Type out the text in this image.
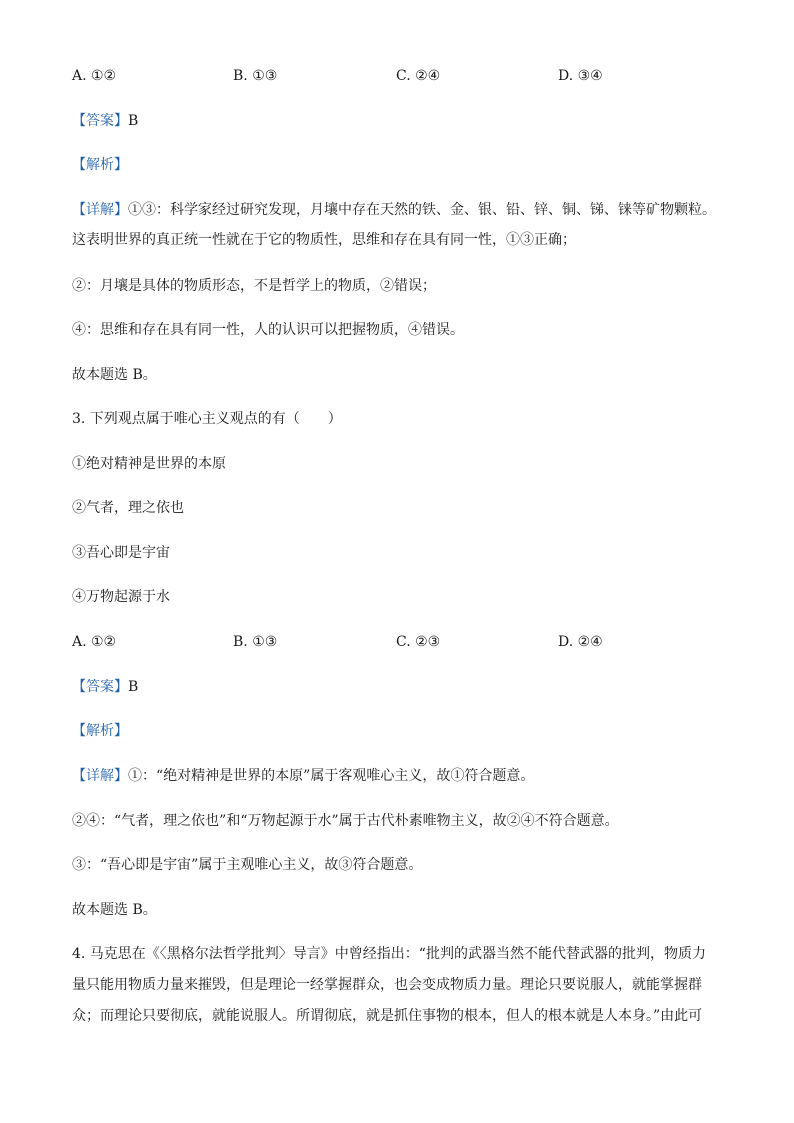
A. ①②	B. ①③	C. ②④	D. ③④
【答案】B
【解析】
【详解】①③：科学家经过研究发现，月壤中存在天然的铁、金、银、铅、锌、铜、锑、铼等矿物颗粒。
这表明世界的真正统一性就在于它的物质性，思维和存在具有同一性，①③正确；
②：月壤是具体的物质形态，不是哲学上的物质，②错误；
④：思维和存在具有同一性，人的认识可以把握物质，④错误。
故本题选 B。
3. 下列观点属于唯心主义观点的有（　　）
①绝对精神是世界的本原
②气者，理之依也
③吾心即是宇宙
④万物起源于水
A. ①②	B. ①③	C. ②③	D. ②④
【答案】B
【解析】
【详解】①：“绝对精神是世界的本原”属于客观唯心主义，故①符合题意。
②④：“气者，理之依也”和“万物起源于水”属于古代朴素唯物主义，故②④不符合题意。
③：“吾心即是宇宙”属于主观唯心主义，故③符合题意。
故本题选 B。
4. 马克思在《〈黑格尔法哲学批判〉导言》中曾经指出：“批判的武器当然不能代替武器的批判，物质力
量只能用物质力量来摧毁，但是理论一经掌握群众，也会变成物质力量。理论只要说服人，就能掌握群
众；而理论只要彻底，就能说服人。所谓彻底，就是抓住事物的根本，但人的根本就是人本身。”由此可
